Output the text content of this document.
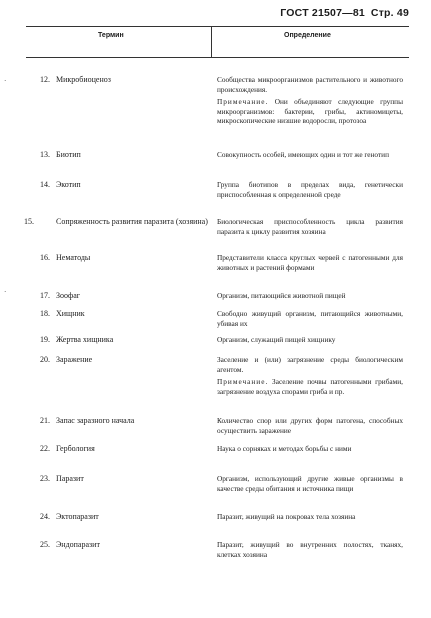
ГОСТ 21507—81 Стр. 49
Термин	Определение
·
·
12. Микробиоценоз	Сообщества микроорганизмов растительного и животного происхождения.

Примечание. Они объединяют следующие группы микроорганизмов: бактерии, грибы, актиномицеты, микроскопические низшие водоросли, протозоа

13. Биотип	Совокупность особей, имеющих один и тот же генотип

14. Экотип	Группа биотипов в пределах вида, генетически приспособленная к определенной среде

15.	Сопряженность развития паразита (хозяина)	Биологическая приспособленность цикла развития паразита к циклу развития хозяина

16. Нематоды	Представители класса круглых червей с патогенными для животных и растений формами

17. Зоофаг	Организм, питающийся животной пищей

18. Хищник	Свободно живущий организм, питающийся животными, убивая их

19. Жертва хищника	Организм, служащий пищей хищнику

20. Заражение	Заселение и (или) загрязнение среды биологическим агентом.

Примечание. Заселение почвы патогенными грибами, загрязнение воздуха спорами гриба и пр.

21. Запас заразного начала	Количество спор или других форм патогена, способных осуществить заражение

22. Гербология	Наука о сорняках и методах борьбы с ними

23. Паразит	Организм, использующий другие живые организмы в качестве среды обитания и источника пищи

24. Эктопаразит	Паразит, живущий на покровах тела хозяина

25. Эндопаразит	Паразит, живущий во внутренних полостях, тканях, клетках хозяина
